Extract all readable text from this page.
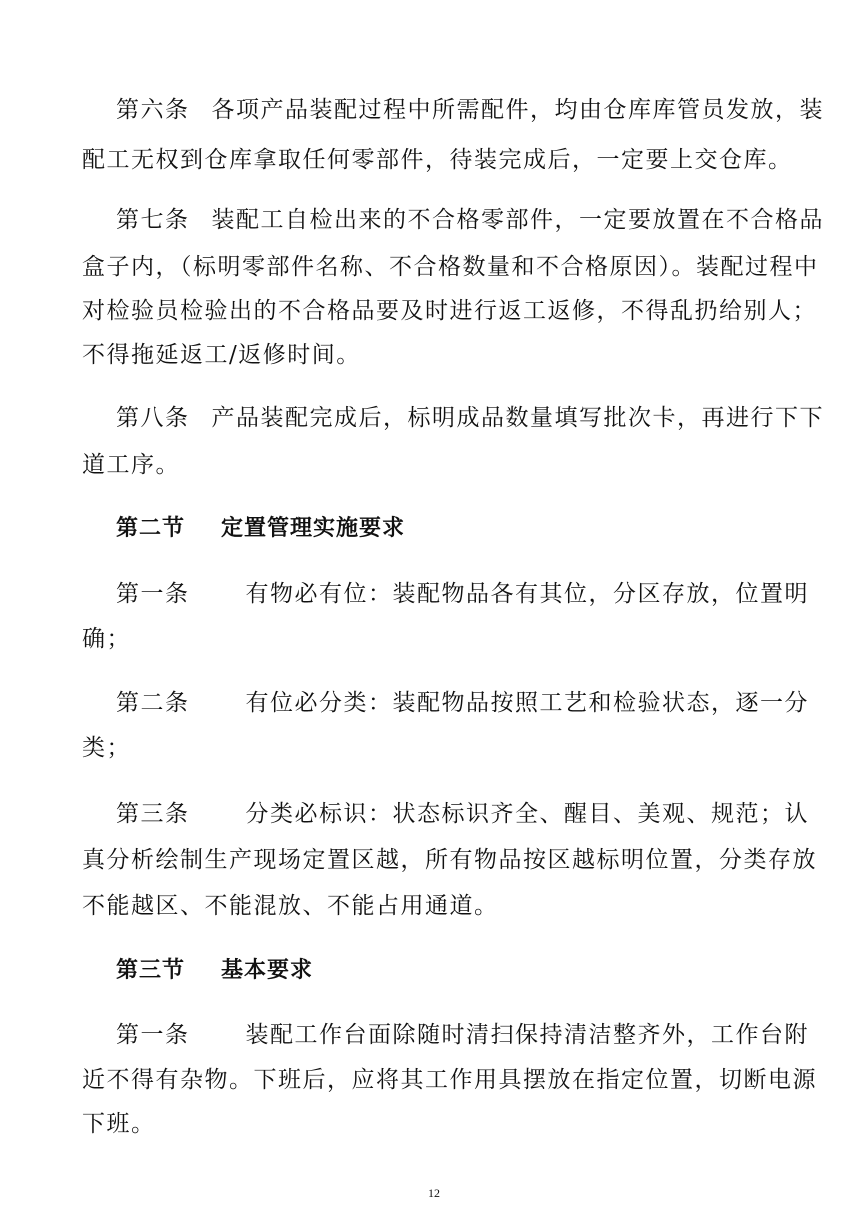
第六条 各项产品装配过程中所需配件，均由仓库库管员发放，装
配工无权到仓库拿取任何零部件，待装完成后，一定要上交仓库。
第七条 装配工自检出来的不合格零部件，一定要放置在不合格品
盒子内，（标明零部件名称、不合格数量和不合格原因）。装配过程中
对检验员检验出的不合格品要及时进行返工返修，不得乱扔给别人；
不得拖延返工/返修时间。
第八条 产品装配完成后，标明成品数量填写批次卡，再进行下下
道工序。
第二节 定置管理实施要求
第一条 有物必有位：装配物品各有其位，分区存放，位置明
确；
第二条 有位必分类：装配物品按照工艺和检验状态，逐一分
类；
第三条 分类必标识：状态标识齐全、醒目、美观、规范；认
真分析绘制生产现场定置区越，所有物品按区越标明位置，分类存放
不能越区、不能混放、不能占用通道。
第三节 基本要求
第一条 装配工作台面除随时清扫保持清洁整齐外，工作台附
近不得有杂物。下班后，应将其工作用具摆放在指定位置，切断电源
下班。
12
